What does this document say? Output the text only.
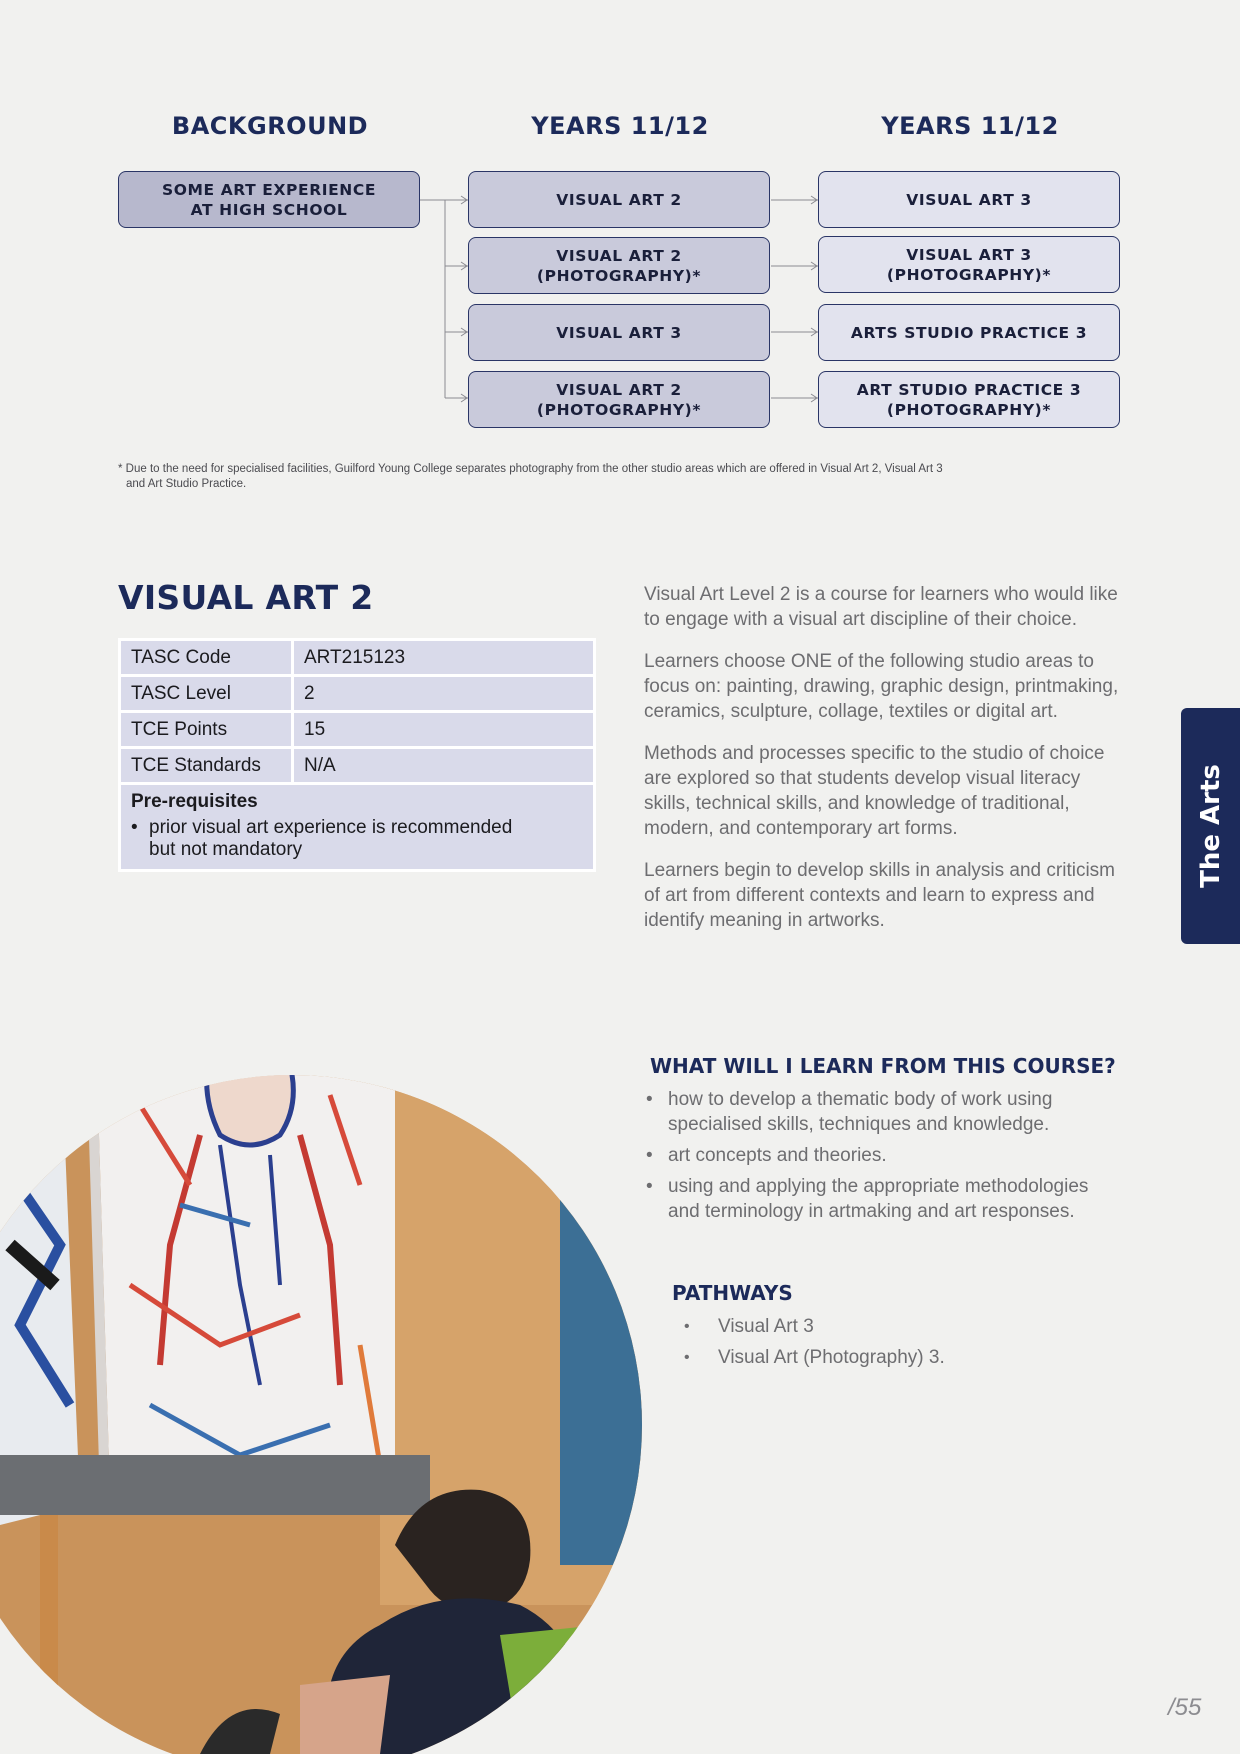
BACKGROUND	YEARS 11/12	YEARS 11/12
SOME ART EXPERIENCE
AT HIGH SCHOOL
VISUAL ART 2
VISUAL ART 2
(PHOTOGRAPHY)*
VISUAL ART 3
VISUAL ART 2
(PHOTOGRAPHY)*
VISUAL ART 3
VISUAL ART 3
(PHOTOGRAPHY)*
ARTS STUDIO PRACTICE 3
ART STUDIO PRACTICE 3
(PHOTOGRAPHY)*
* Due to the need for specialised facilities, Guilford Young College separates photography from the other studio areas which are offered in Visual Art 2, Visual Art 3
and Art Studio Practice.
VISUAL ART 2
TASC Code	ART215123
TASC Level	2
TCE Points	15
TCE Standards	N/A

Pre-requisites
• prior visual art experience is recommended
but not mandatory	

Visual Art Level 2 is a course for learners who would like to engage with a visual art discipline of their choice.

Learners choose ONE of the following studio areas to focus on: painting, drawing, graphic design, printmaking, ceramics, sculpture, collage, textiles or digital art.

Methods and processes specific to the studio of choice are explored so that students develop visual literacy skills, technical skills, and knowledge of traditional, modern, and contemporary art forms.

Learners begin to develop skills in analysis and criticism of art from different contexts and learn to express and identify meaning in artworks.

WHAT WILL I LEARN FROM THIS COURSE?
• how to develop a thematic body of work using specialised skills, techniques and knowledge.
• art concepts and theories.
• using and applying the appropriate methodologies and terminology in artmaking and art responses.
PATHWAYS
• Visual Art 3
• Visual Art (Photography) 3.
The Arts
/55
